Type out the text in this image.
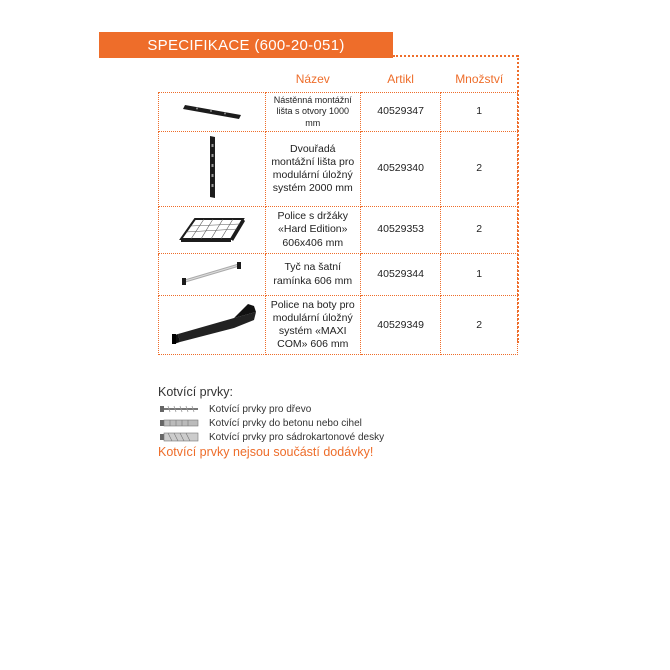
SPECIFIKACE (600-20-051)
	Název	Artikl	Množství
	Nástěnná montážní lišta s otvory 1000 mm	40529347	1
	Dvouřadá montážní lišta pro modulární úložný systém 2000 mm	40529340	2
	Police s držáky «Hard Edition» 606x406 mm	40529353	2
	Tyč na šatní ramínka 606 mm	40529344	1
	Police na boty pro modulární úložný systém «MAXI COM» 606 mm	40529349	2
Kotvící prvky:
Kotvící prvky pro dřevo
Kotvící prvky do betonu nebo cihel
Kotvící prvky pro sádrokartonové desky
Kotvící prvky nejsou součástí dodávky!
